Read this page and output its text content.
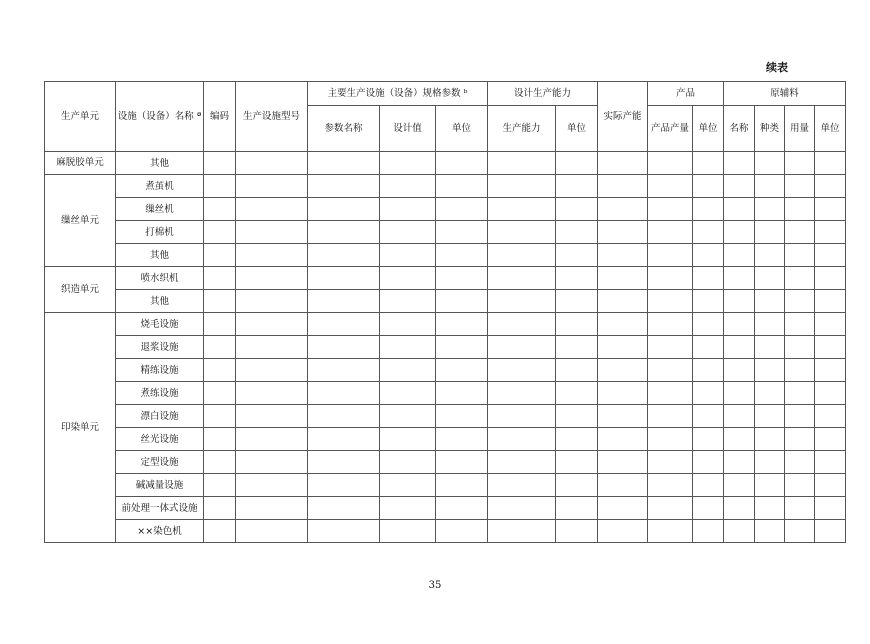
续表
生产单元	设施（设备）名称 ª	编码	生产设施型号	主要生产设施（设备）规格参数 ᵇ			设计生产能力		实际产能	产品		原辅料			
				参数名称	设计值	单位	生产能力	单位		产品产量	单位	名称	种类	用量	单位
麻脱胶单元	其他														
缫丝单元	煮茧机														
	缫丝机														
	打棉机														
	其他														
织造单元	喷水织机														
	其他														
印染单元	烧毛设施														
	退浆设施														
	精练设施														
	煮练设施														
	漂白设施														
	丝光设施														
	定型设施														
	碱减量设施														
	前处理一体式设施														
	××染色机														
35
